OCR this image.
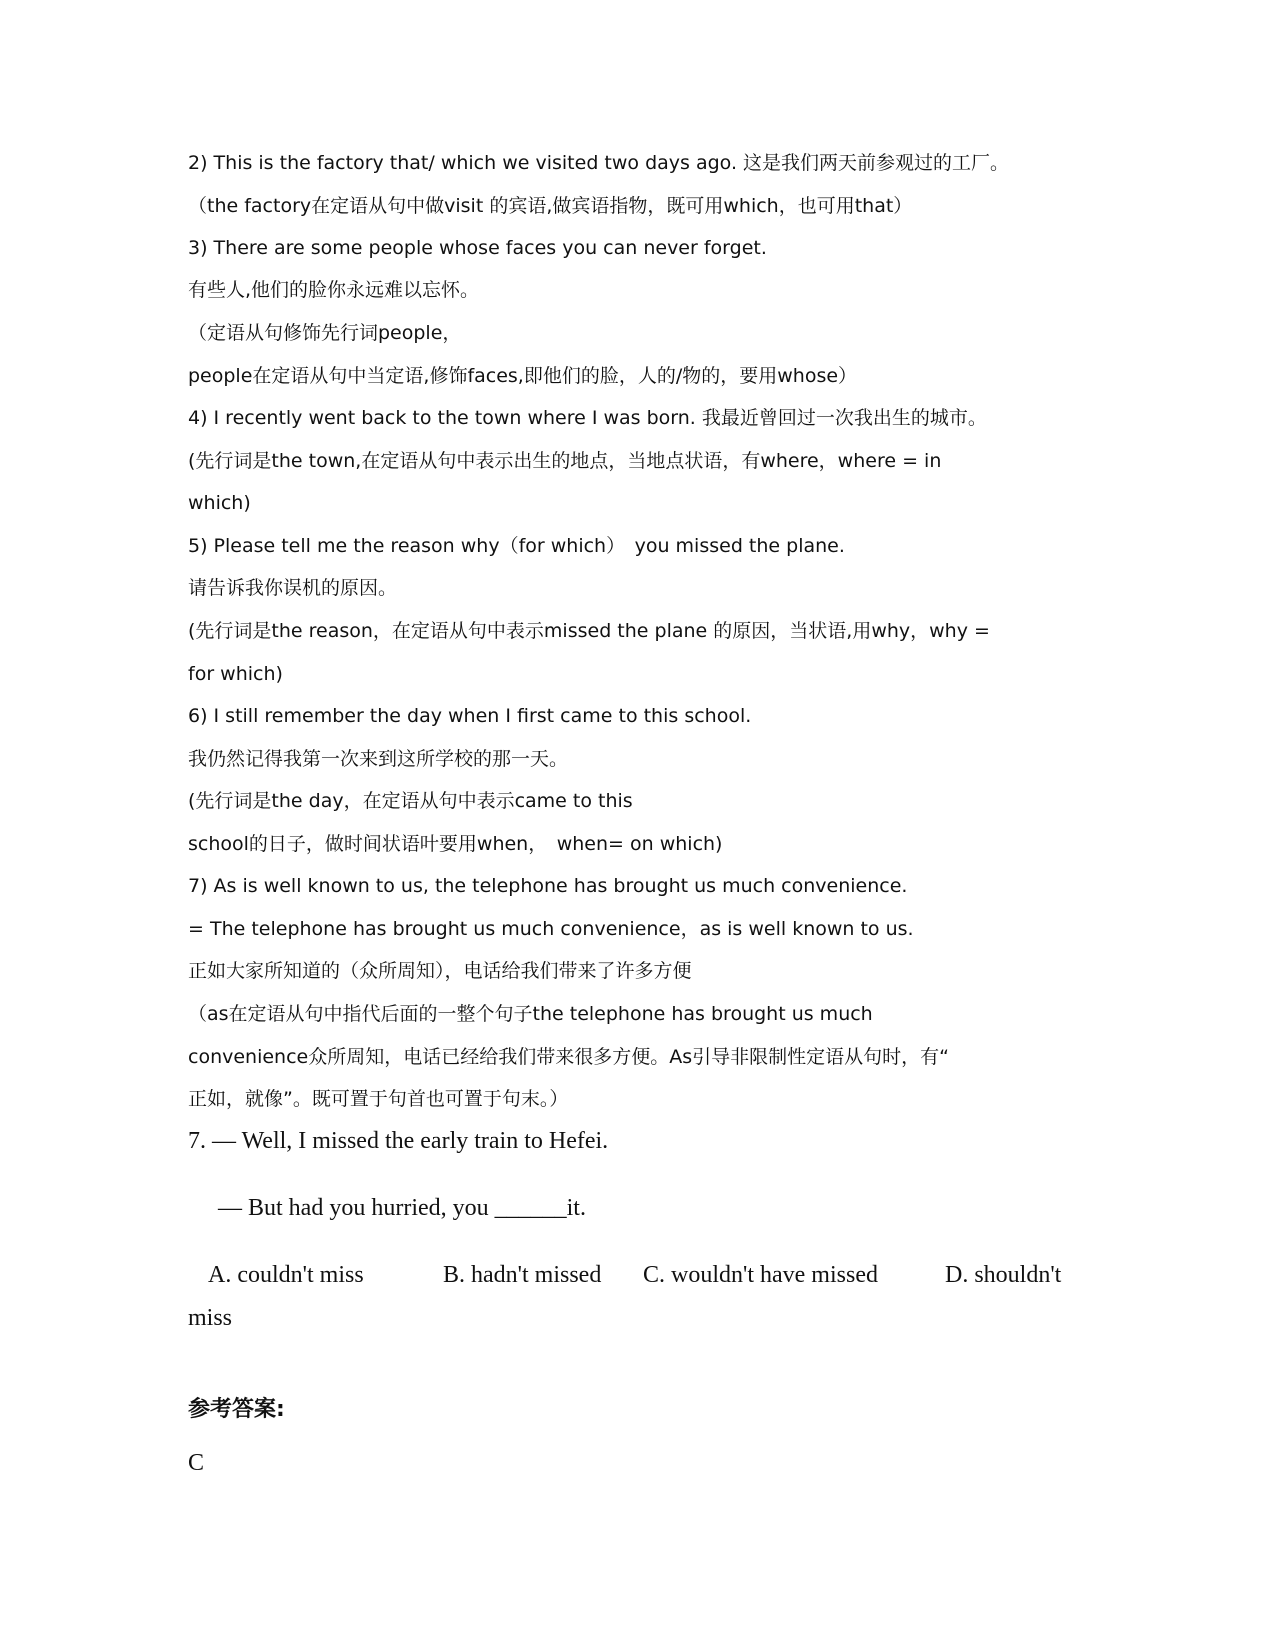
2) This is the factory that/ which we visited two days ago. 这是我们两天前参观过的工厂。
（the factory在定语从句中做visit 的宾语,做宾语指物，既可用which，也可用that）
3) There are some people whose faces you can never forget.
有些人,他们的脸你永远难以忘怀。
（定语从句修饰先行词people，
people在定语从句中当定语,修饰faces,即他们的脸，人的/物的，要用whose）
4) I recently went back to the town where I was born. 我最近曾回过一次我出生的城市。
(先行词是the town,在定语从句中表示出生的地点，当地点状语，有where，where = in
which)
5) Please tell me the reason why（for which）　you missed the plane.
请告诉我你误机的原因。
(先行词是the reason，在定语从句中表示missed the plane 的原因，当状语,用why，why =
for which)
6) I still remember the day when I first came to this school.
我仍然记得我第一次来到这所学校的那一天。
(先行词是the day，在定语从句中表示came to this
school的日子，做时间状语叶要用when，　when= on which)
7) As is well known to us, the telephone has brought us much convenience.
= The telephone has brought us much convenience，as is well known to us.
正如大家所知道的（众所周知），电话给我们带来了许多方便
（as在定语从句中指代后面的一整个句子the telephone has brought us much
convenience众所周知，电话已经给我们带来很多方便。As引导非限制性定语从句时，有“
正如，就像”。既可置于句首也可置于句末。）
7. — Well, I missed the early train to Hefei.
— But had you hurried, you ______it.
A. couldn't miss	B. hadn't missed C. wouldn't have missed	D. shouldn't
miss
参考答案:
C
